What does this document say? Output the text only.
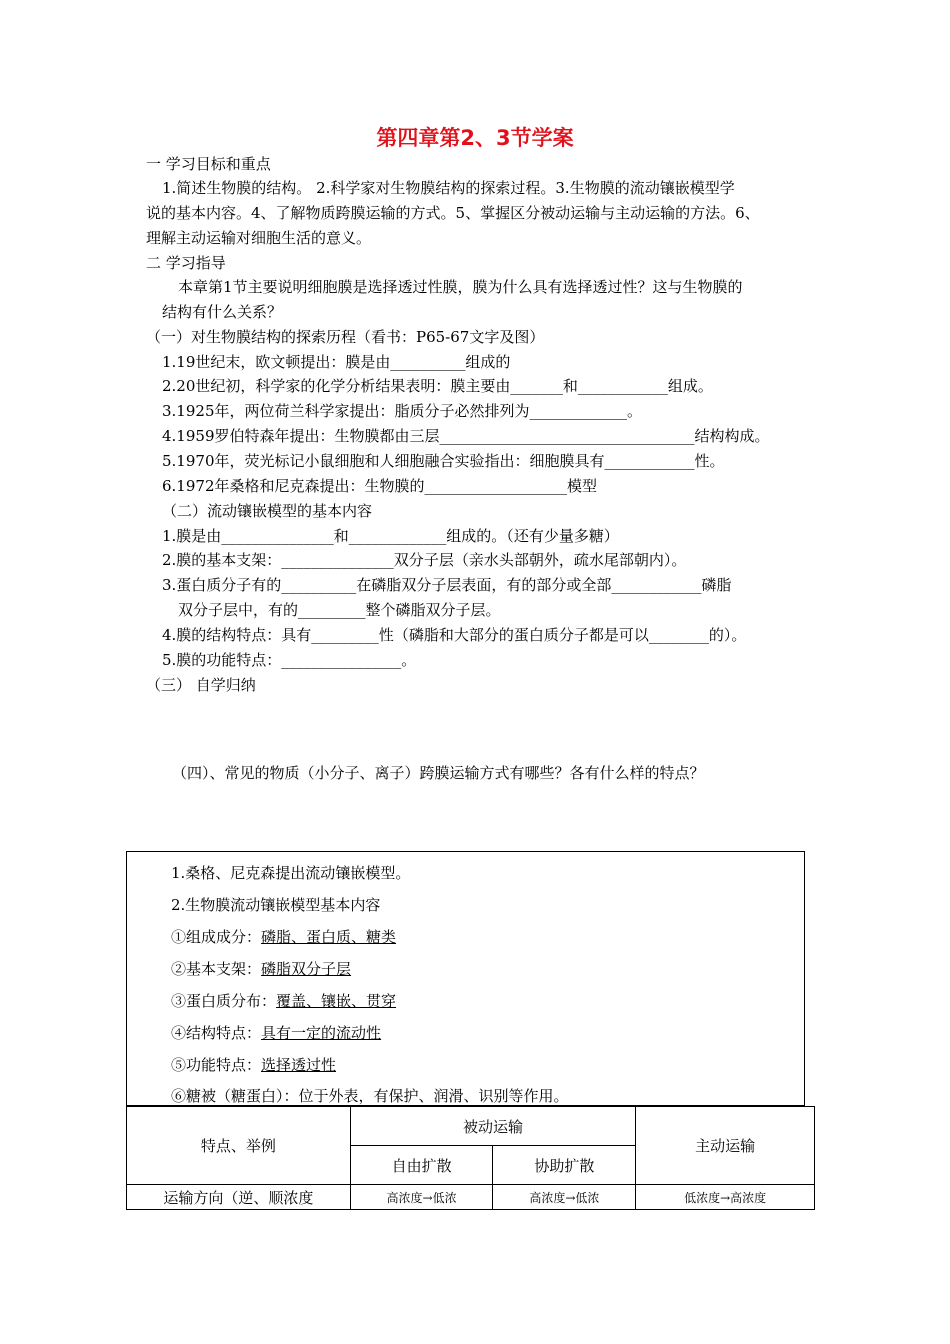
第四章第2、3节学案
一 学习目标和重点
1.简述生物膜的结构。 2.科学家对生物膜结构的探索过程。3.生物膜的流动镶嵌模型学
说的基本内容。4、了解物质跨膜运输的方式。5、掌握区分被动运输与主动运输的方法。6、
理解主动运输对细胞生活的意义。
二 学习指导
本章第1节主要说明细胞膜是选择透过性膜，膜为什么具有选择透过性？这与生物膜的
结构有什么关系？
（一）对生物膜结构的探索历程（看书：P65-67文字及图）
1.19世纪末，欧文顿提出：膜是由__________组成的
2.20世纪初，科学家的化学分析结果表明：膜主要由_______和____________组成。
3.1925年，两位荷兰科学家提出：脂质分子必然排列为_____________。
4.1959罗伯特森年提出：生物膜都由三层__________________________________结构构成。
5.1970年，荧光标记小鼠细胞和人细胞融合实验指出：细胞膜具有____________性。
6.1972年桑格和尼克森提出：生物膜的___________________模型
（二）流动镶嵌模型的基本内容
1.膜是由_______________和_____________组成的。（还有少量多糖）
2.膜的基本支架：_______________双分子层（亲水头部朝外，疏水尾部朝内）。
3.蛋白质分子有的__________在磷脂双分子层表面，有的部分或全部____________磷脂
双分子层中，有的_________整个磷脂双分子层。
4.膜的结构特点：具有_________性（磷脂和大部分的蛋白质分子都是可以________的）。
5.膜的功能特点：________________。
（三） 自学归纳
（四）、常见的物质（小分子、离子）跨膜运输方式有哪些？各有什么样的特点？
1.桑格、尼克森提出流动镶嵌模型。
2.生物膜流动镶嵌模型基本内容
①组成成分：磷脂、蛋白质、糖类
②基本支架：磷脂双分子层
③蛋白质分布：覆盖、镶嵌、贯穿
④结构特点：具有一定的流动性
⑤功能特点：选择透过性
⑥糖被（糖蛋白）：位于外表，有保护、润滑、识别等作用。
特点、举例	被动运输		主动运输
	自由扩散	协助扩散	
运输方向（逆、顺浓度	高浓度→低浓	高浓度→低浓	低浓度→高浓度
